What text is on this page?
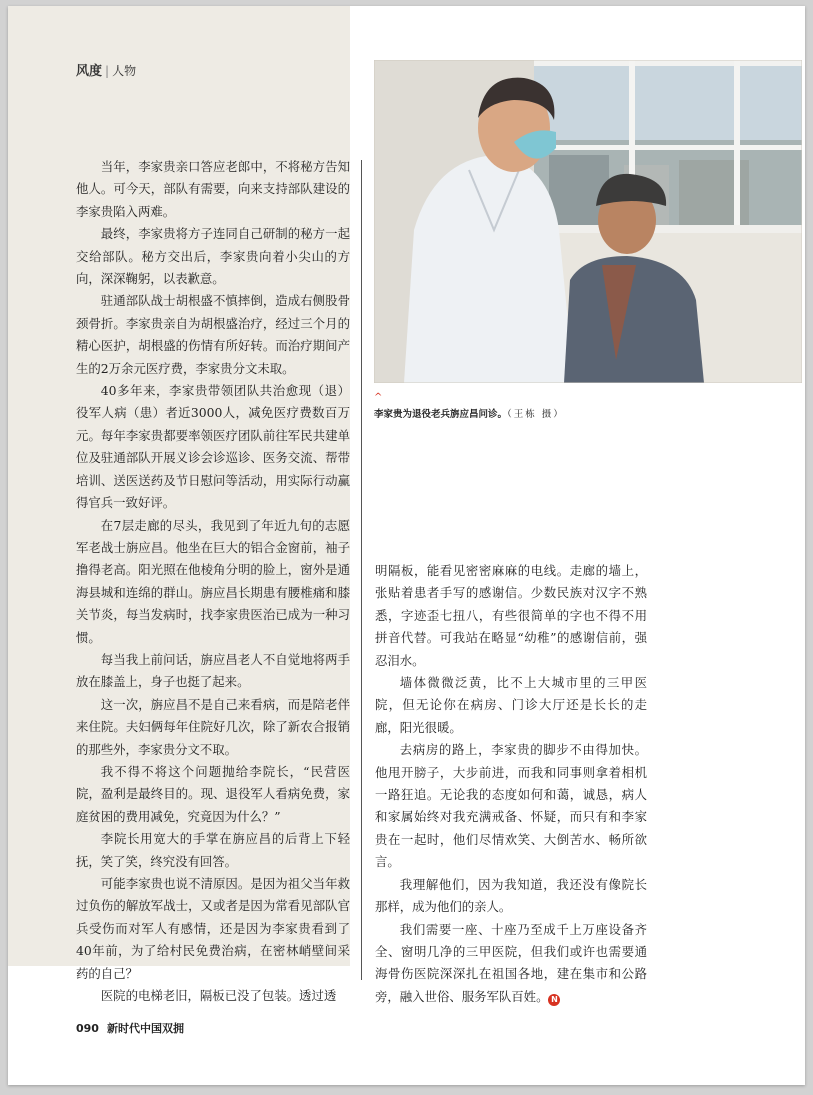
风度 | 人物

当年，李家贵亲口答应老郎中，不将秘方告知他人。可今天，部队有需要，向来支持部队建设的李家贵陷入两难。

最终，李家贵将方子连同自己研制的秘方一起交给部队。秘方交出后，李家贵向着小尖山的方向，深深鞠躬，以表歉意。

驻通部队战士胡根盛不慎摔倒，造成右侧股骨颈骨折。李家贵亲自为胡根盛治疗，经过三个月的精心医护，胡根盛的伤情有所好转。而治疗期间产生的2万余元医疗费，李家贵分文未取。

40多年来，李家贵带领团队共治愈现（退）役军人病（患）者近3000人，减免医疗费数百万元。每年李家贵都要率领医疗团队前往军民共建单位及驻通部队开展义诊会诊巡诊、医务交流、帮带培训、送医送药及节日慰问等活动，用实际行动赢得官兵一致好评。

在7层走廊的尽头，我见到了年近九旬的志愿军老战士旃应昌。他坐在巨大的铝合金窗前，袖子撸得老高。阳光照在他棱角分明的脸上，窗外是通海县城和连绵的群山。旃应昌长期患有腰椎痛和膝关节炎，每当发病时，找李家贵医治已成为一种习惯。

每当我上前问话，旃应昌老人不自觉地将两手放在膝盖上，身子也挺了起来。

这一次，旃应昌不是自己来看病，而是陪老伴来住院。夫妇俩每年住院好几次，除了新农合报销的那些外，李家贵分文不取。

我不得不将这个问题抛给李院长，“民营医院，盈利是最终目的。现、退役军人看病免费，家庭贫困的费用减免，究竟因为什么？”

李院长用宽大的手掌在旃应昌的后背上下轻抚，笑了笑，终究没有回答。

可能李家贵也说不清原因。是因为祖父当年救过负伤的解放军战士，又或者是因为常看见部队官兵受伤而对军人有感情，还是因为李家贵看到了40年前，为了给村民免费治病，在密林峭壁间采药的自己？

医院的电梯老旧，隔板已没了包装。透过透

^
李家贵为退役老兵旃应昌问诊。（王栋 摄）

明隔板，能看见密密麻麻的电线。走廊的墙上，张贴着患者手写的感谢信。少数民族对汉字不熟悉，字迹歪七扭八，有些很简单的字也不得不用拼音代替。可我站在略显“幼稚”的感谢信前，强忍泪水。

墙体微微泛黄，比不上大城市里的三甲医院，但无论你在病房、门诊大厅还是长长的走廊，阳光很暖。

去病房的路上，李家贵的脚步不由得加快。他甩开膀子，大步前进，而我和同事则拿着相机一路狂追。无论我的态度如何和蔼，诚恳，病人和家属始终对我充满戒备、怀疑，而只有和李家贵在一起时，他们尽情欢笑、大倒苦水、畅所欲言。

我理解他们，因为我知道，我还没有像院长那样，成为他们的亲人。

我们需要一座、十座乃至成千上万座设备齐全、窗明几净的三甲医院，但我们或许也需要通海骨伤医院深深扎在祖国各地，建在集市和公路旁，融入世俗、服务军队百姓。 N

090 新时代中国双拥
